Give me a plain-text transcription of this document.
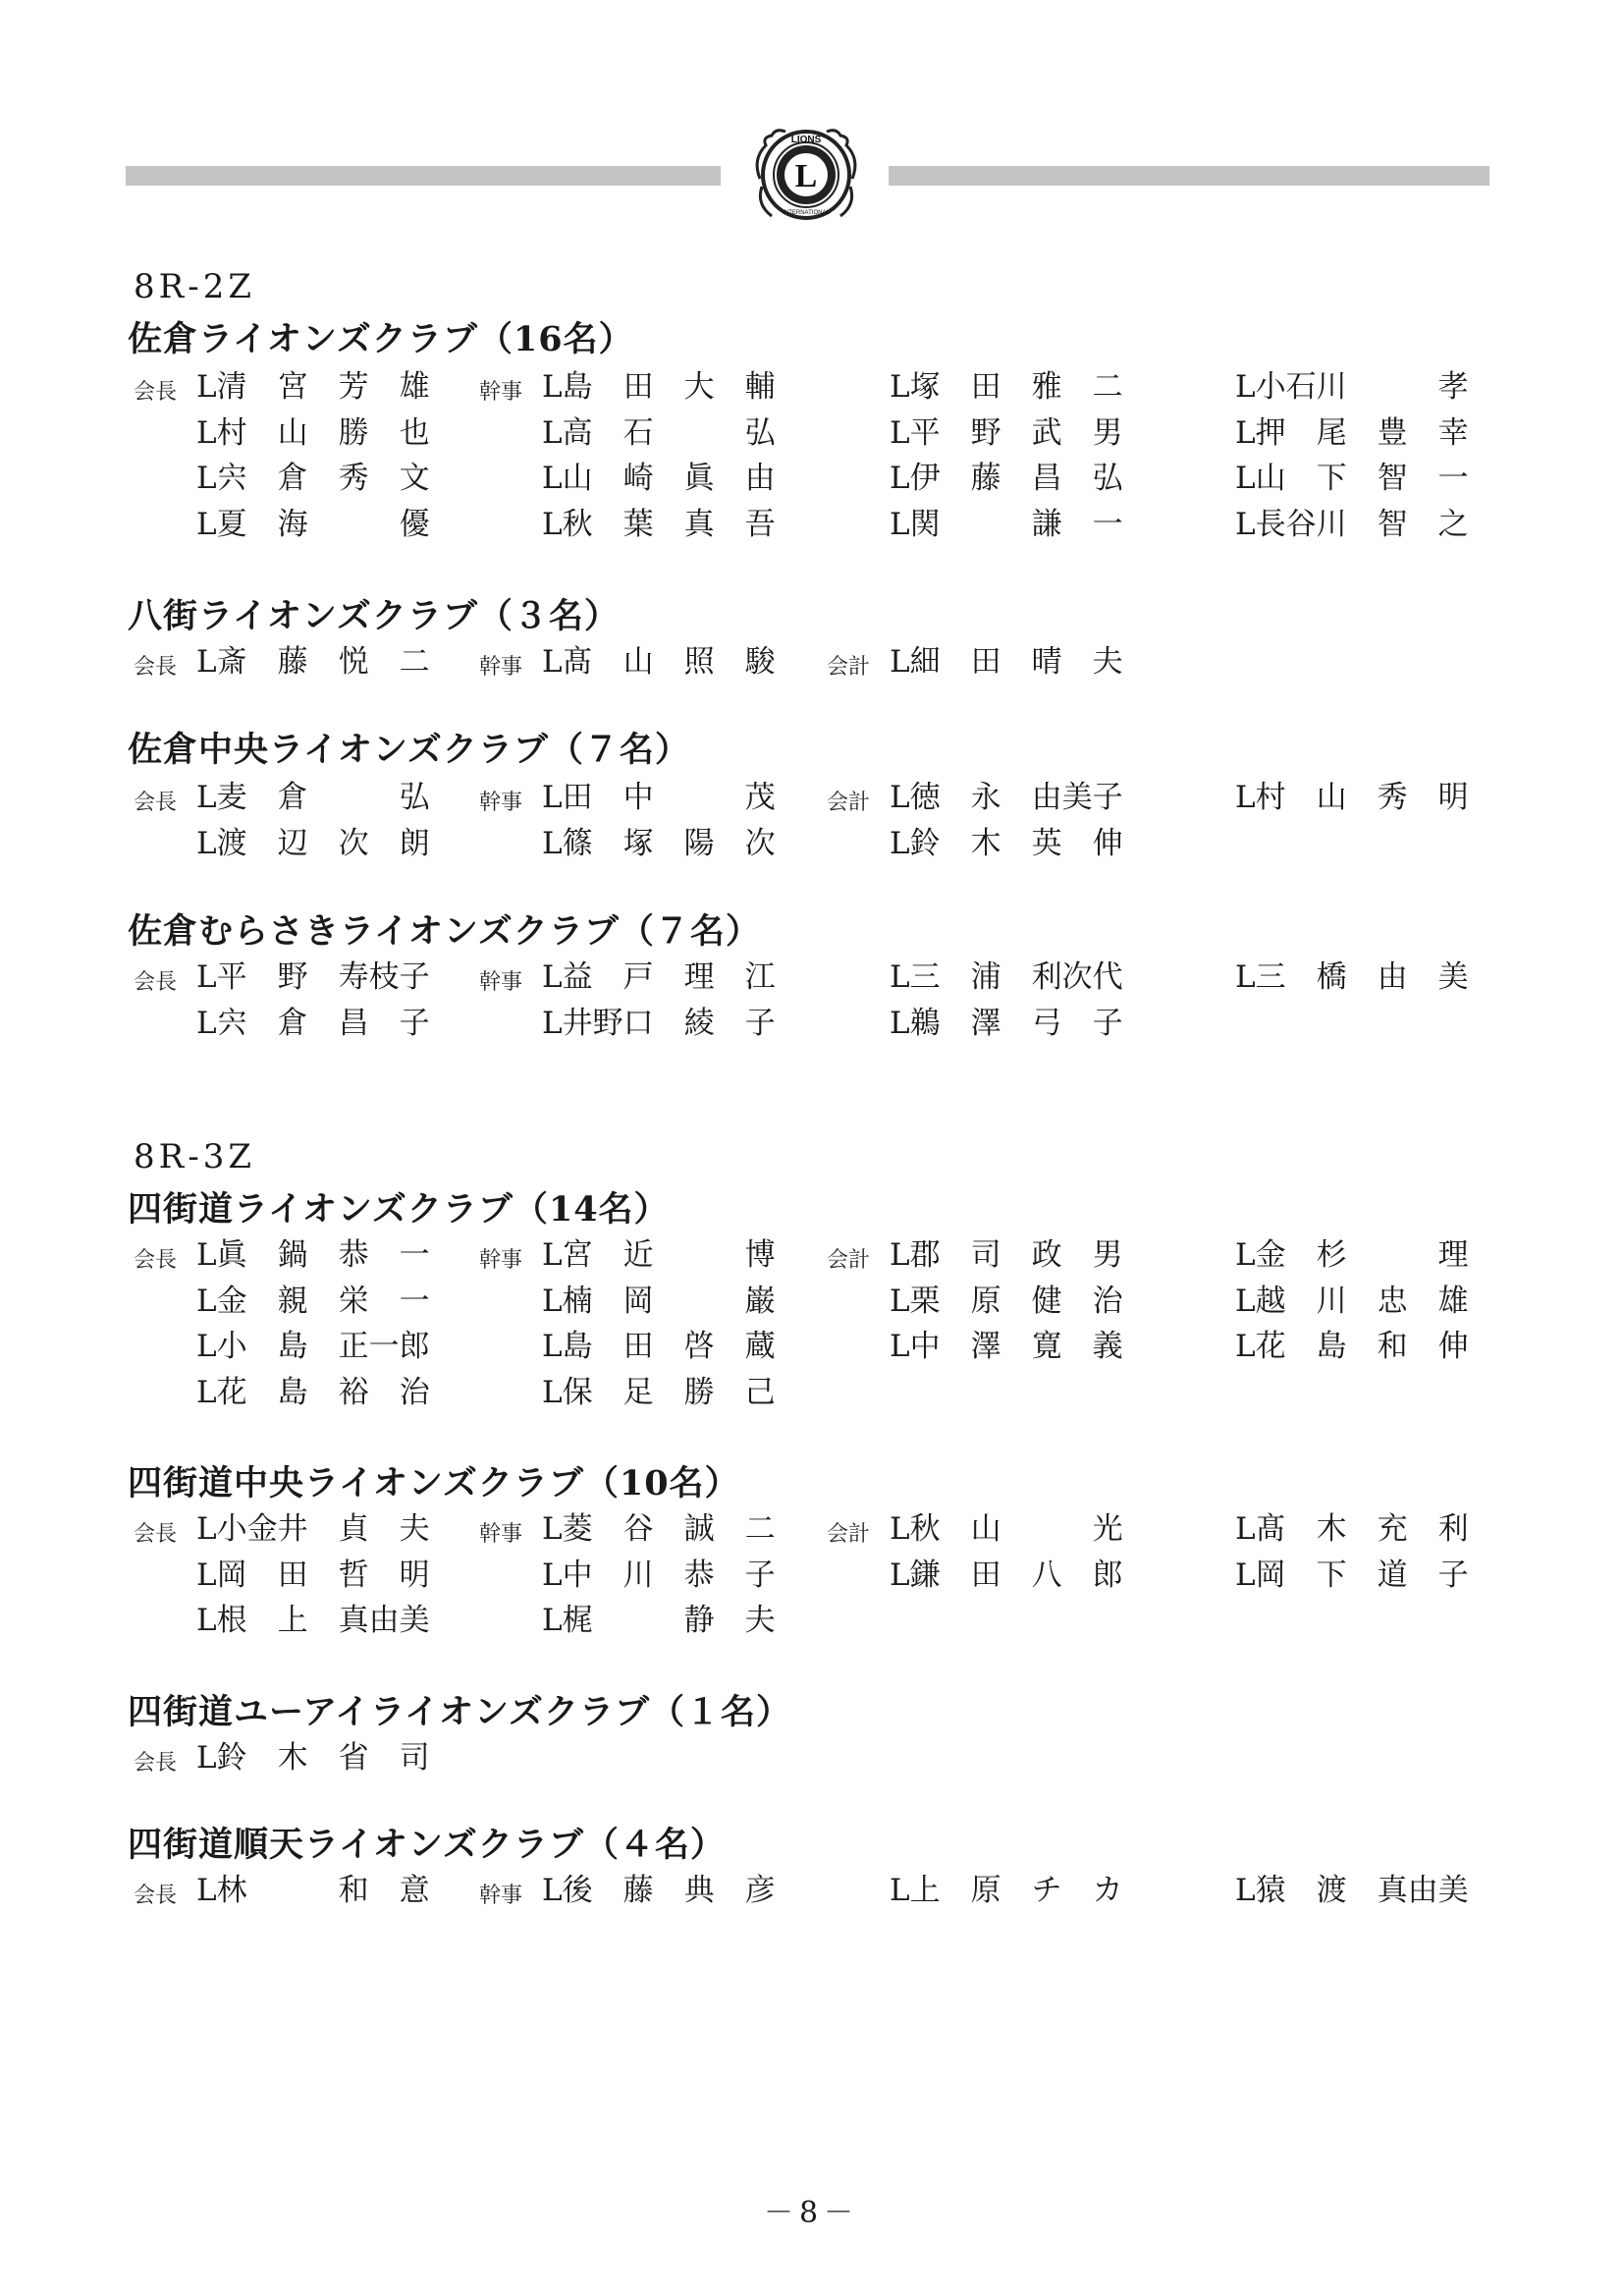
L
LIONS
INTERNATIONAL
8R-2Z
佐倉ライオンズクラブ（16名）
会長 L清　宮　芳　雄	幹事 L島　田　大　輔	L塚　田　雅　二	L小石川　　　孝
L村　山　勝　也	L高　石　　　弘	L平　野　武　男	L押　尾　豊　幸
L宍　倉　秀　文	L山　崎　眞　由	L伊　藤　昌　弘	L山　下　智　一
L夏　海　　　優	L秋　葉　真　吾	L関　　　謙　一	L長谷川　智　之
八街ライオンズクラブ（３名）
会長 L斎　藤　悦　二	幹事 L髙　山　照　駿	会計 L細　田　晴　夫
佐倉中央ライオンズクラブ（７名）
会長 L麦　倉　　　弘	幹事 L田　中　　　茂	会計 L徳　永　由美子	L村　山　秀　明
L渡　辺　次　朗	L篠　塚　陽　次	L鈴　木　英　伸
佐倉むらさきライオンズクラブ（７名）
会長 L平　野　寿枝子	幹事 L益　戸　理　江	L三　浦　利次代	L三　橋　由　美
L宍　倉　昌　子	L井野口　綾　子	L鵜　澤　弓　子
8R-3Z
四街道ライオンズクラブ（14名）
会長 L眞　鍋　恭　一	幹事 L宮　近　　　博	会計 L郡　司　政　男	L金　杉　　　理
L金　親　栄　一	L楠　岡　　　巌	L栗　原　健　治	L越　川　忠　雄
L小　島　正一郎	L島　田　啓　蔵	L中　澤　寛　義	L花　島　和　伸
L花　島　裕　治	L保　足　勝　己
四街道中央ライオンズクラブ（10名）
会長 L小金井　貞　夫	幹事 L菱　谷　誠　二	会計 L秋　山　　　光	L髙　木　充　利
L岡　田　哲　明	L中　川　恭　子	L鎌　田　八　郎	L岡　下　道　子
L根　上　真由美	L梶　　　静　夫
四街道ユーアイライオンズクラブ（１名）
会長 L鈴　木　省　司
四街道順天ライオンズクラブ（４名）
会長 L林　　　和　意	幹事 L後　藤　典　彦	L上　原　チ　カ	L猿　渡　真由美
－8－
